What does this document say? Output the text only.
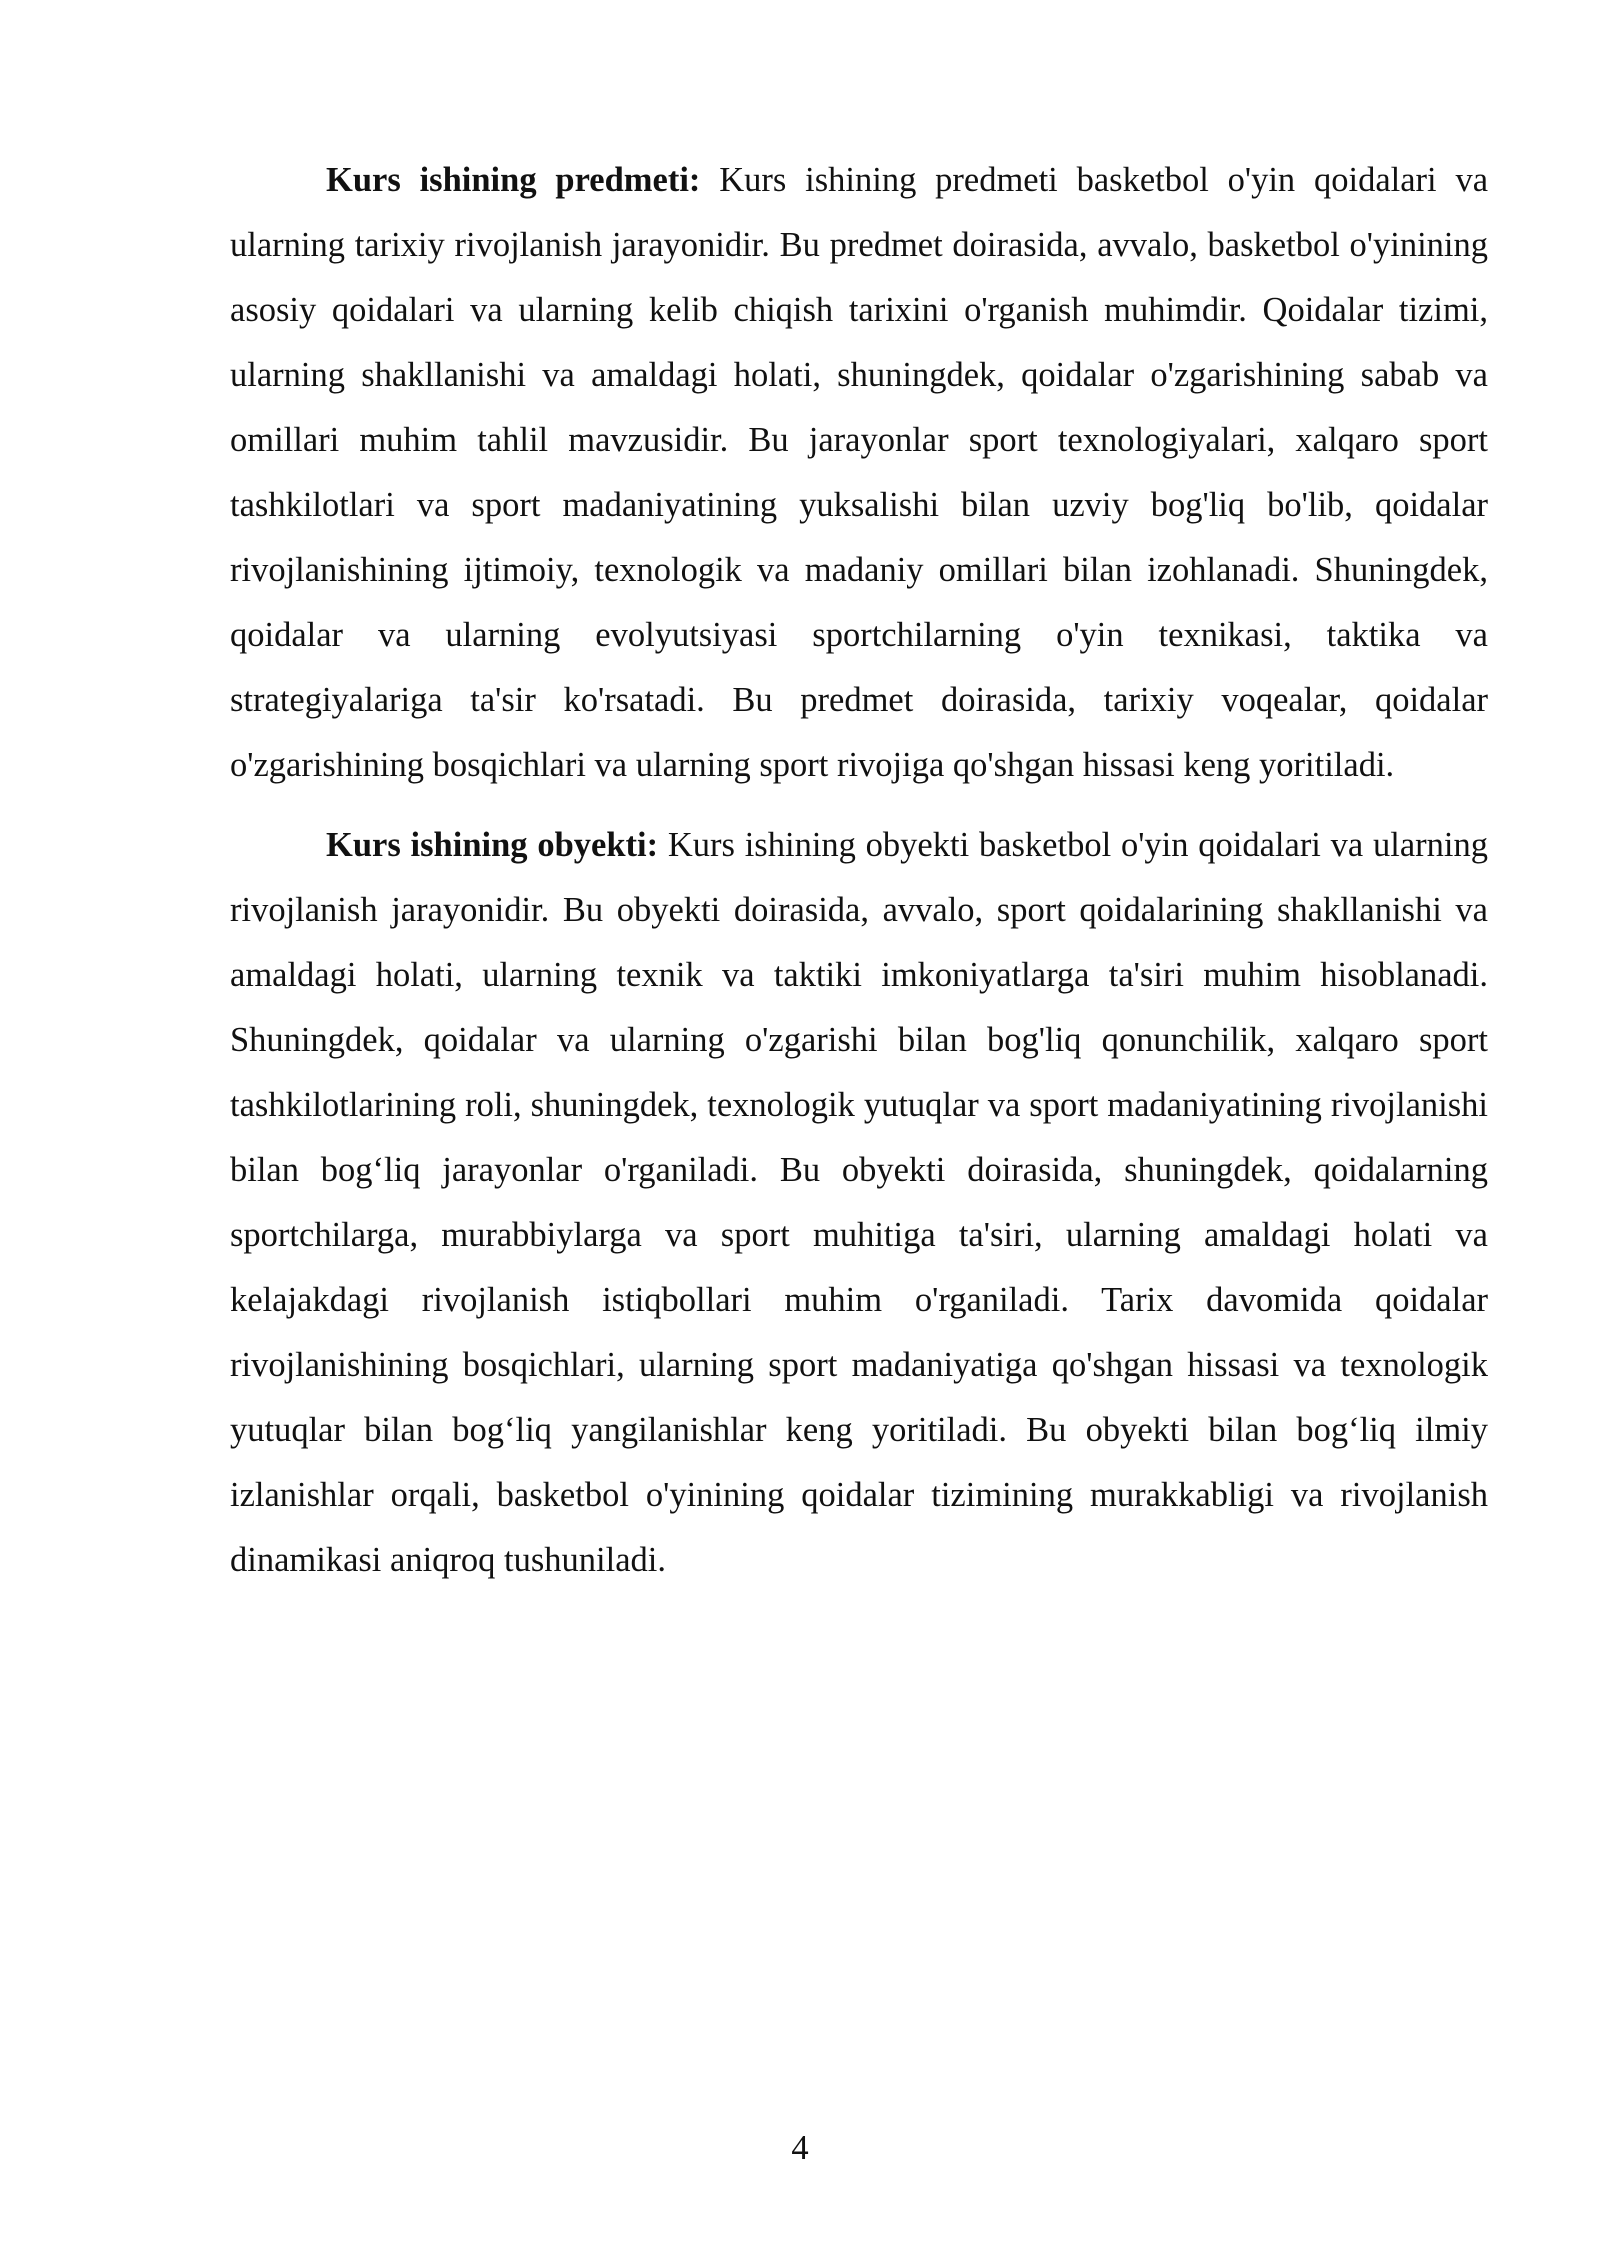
Kurs ishining predmeti: Kurs ishining predmeti basketbol o'yin qoidalari va ularning tarixiy rivojlanish jarayonidir. Bu predmet doirasida, avvalo, basketbol o'yinining asosiy qoidalari va ularning kelib chiqish tarixini o'rganish muhimdir. Qoidalar tizimi, ularning shakllanishi va amaldagi holati, shuningdek, qoidalar o'zgarishining sabab va omillari muhim tahlil mavzusidir. Bu jarayonlar sport texnologiyalari, xalqaro sport tashkilotlari va sport madaniyatining yuksalishi bilan uzviy bog'liq bo'lib, qoidalar rivojlanishining ijtimoiy, texnologik va madaniy omillari bilan izohlanadi. Shuningdek, qoidalar va ularning evolyutsiyasi sportchilarning o'yin texnikasi, taktika va strategiyalariga ta'sir ko'rsatadi. Bu predmet doirasida, tarixiy voqealar, qoidalar o'zgarishining bosqichlari va ularning sport rivojiga qo'shgan hissasi keng yoritiladi.

Kurs ishining obyekti: Kurs ishining obyekti basketbol o'yin qoidalari va ularning rivojlanish jarayonidir. Bu obyekti doirasida, avvalo, sport qoidalarining shakllanishi va amaldagi holati, ularning texnik va taktiki imkoniyatlarga ta'siri muhim hisoblanadi. Shuningdek, qoidalar va ularning o'zgarishi bilan bog'liq qonunchilik, xalqaro sport tashkilotlarining roli, shuningdek, texnologik yutuqlar va sport madaniyatining rivojlanishi bilan bog‘liq jarayonlar o'rganiladi. Bu obyekti doirasida, shuningdek, qoidalarning sportchilarga, murabbiylarga va sport muhitiga ta'siri, ularning amaldagi holati va kelajakdagi rivojlanish istiqbollari muhim o'rganiladi. Tarix davomida qoidalar rivojlanishining bosqichlari, ularning sport madaniyatiga qo'shgan hissasi va texnologik yutuqlar bilan bog‘liq yangilanishlar keng yoritiladi. Bu obyekti bilan bog‘liq ilmiy izlanishlar orqali, basketbol o'yinining qoidalar tizimining murakkabligi va rivojlanish dinamikasi aniqroq tushuniladi.

4
